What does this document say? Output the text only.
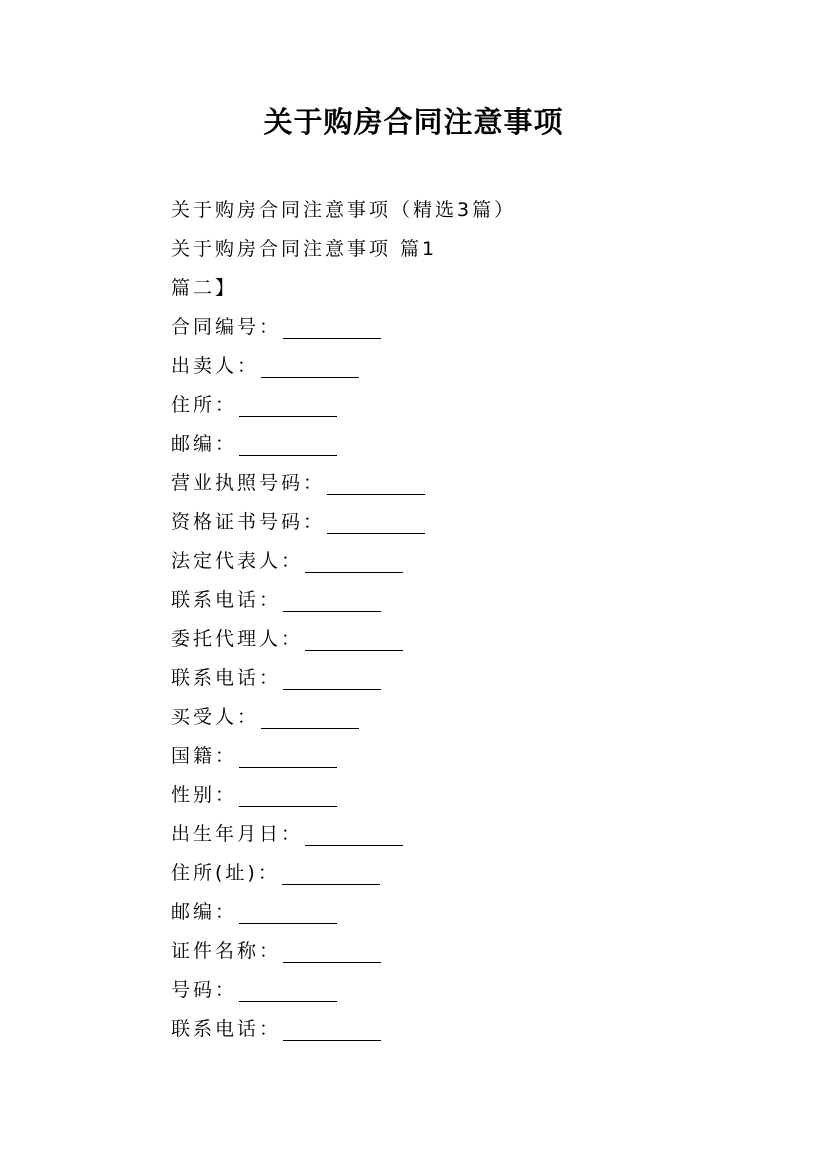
关于购房合同注意事项
关于购房合同注意事项（精选3篇）
关于购房合同注意事项 篇1
篇二】
合同编号：
出卖人：
住所：
邮编：
营业执照号码：
资格证书号码：
法定代表人：
联系电话：
委托代理人：
联系电话：
买受人：
国籍：
性别：
出生年月日：
住所(址)：
邮编：
证件名称：
号码：
联系电话：
